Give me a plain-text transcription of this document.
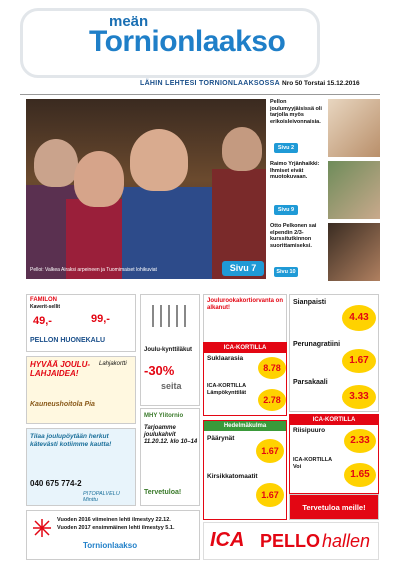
meän
Tornionlaakso
LÄHIN LEHTESI TORNIONLAAKSOSSA Nro 50 Torstai 15.12.2016
Pelloi: Valkea Airaksi arpeineen ja Tuomimaiset lohikuviat	Sivu 7
Pellon joulumyyjäisissä oli tarjolla myös erikoisleivonnaisia.
Sivu 2
Raimo Yrjänhaikki: Ihmiset eivät muotokuvaan.
Sivu 9
Otto Pelkonen sai elpendin 2/3-kurssitutkinnon suorittamiseksi.
Sivu 10
FAMILON
Kaverit-sellit
49,-	99,-
PELLON HUONEKALU
HYVÄÄ JOULU-LAHJAIDEA!
Lahjakortti
Kauneushoitola Pia
Tilaa joulupöytään herkut kätevästi kotiimme kautta!
040 675 774-2
PITOPALVELU Minttu
Joulu-kynttiläkut
-30%
seita
MHY Ylitornio
Tarjoamme joulukahvit 11.20.12. klo 10–14
Tervetuloa!
Joulurookakortiorvanta on alkanut!
ICA-KORTILLA
Suklaarasia
8.78
ICA-KORTILLA Lämpökynttilät
2.78
Hedelmäkulma
Päärynät
1.67
Kirsikkatomaatit
1.67
Sianpaisti
4.43
Perunagratiini
1.67
Parsakaali
3.33
ICA-KORTILLA
Riisipuuro
2.33
ICA-KORTILLA Voi
1.65
Tervetuloa meille!
ICA PELLO hallen
Vuoden 2016 viimeinen lehti ilmestyy 22.12.
Vuoden 2017 ensimmäinen lehti ilmestyy 5.1.
Tornionlaakso
